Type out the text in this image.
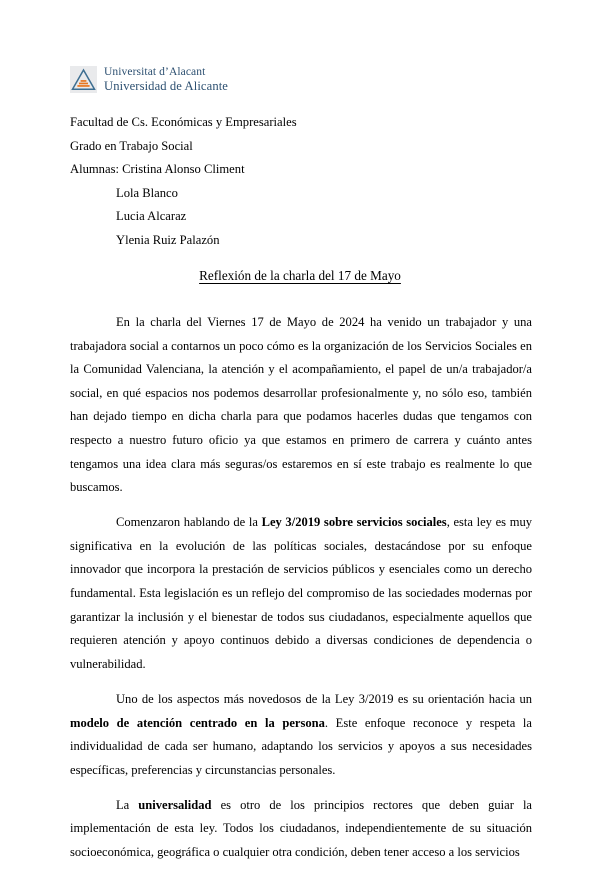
Universitat d’Alacant
Universidad de Alicante
Facultad de Cs. Económicas y Empresariales
Grado en Trabajo Social
Alumnas: Cristina Alonso Climent
Lola Blanco
Lucia Alcaraz
Ylenia Ruiz Palazón
Reflexión de la charla del 17 de Mayo

En la charla del Viernes 17 de Mayo de 2024 ha venido un trabajador y una trabajadora social a contarnos un poco cómo es la organización de los Servicios Sociales en la Comunidad Valenciana, la atención y el acompañamiento, el papel de un/a trabajador/a social, en qué espacios nos podemos desarrollar profesionalmente y, no sólo eso, también han dejado tiempo en dicha charla para que podamos hacerles dudas que tengamos con respecto a nuestro futuro oficio ya que estamos en primero de carrera y cuánto antes tengamos una idea clara más seguras/os estaremos en sí este trabajo es realmente lo que buscamos.

Comenzaron hablando de la Ley 3/2019 sobre servicios sociales, esta ley es muy significativa en la evolución de las políticas sociales, destacándose por su enfoque innovador que incorpora la prestación de servicios públicos y esenciales como un derecho fundamental. Esta legislación es un reflejo del compromiso de las sociedades modernas por garantizar la inclusión y el bienestar de todos sus ciudadanos, especialmente aquellos que requieren atención y apoyo continuos debido a diversas condiciones de dependencia o vulnerabilidad.

Uno de los aspectos más novedosos de la Ley 3/2019 es su orientación hacia un modelo de atención centrado en la persona. Este enfoque reconoce y respeta la individualidad de cada ser humano, adaptando los servicios y apoyos a sus necesidades específicas, preferencias y circunstancias personales.

La universalidad es otro de los principios rectores que deben guiar la implementación de esta ley. Todos los ciudadanos, independientemente de su situación socioeconómica, geográfica o cualquier otra condición, deben tener acceso a los servicios
